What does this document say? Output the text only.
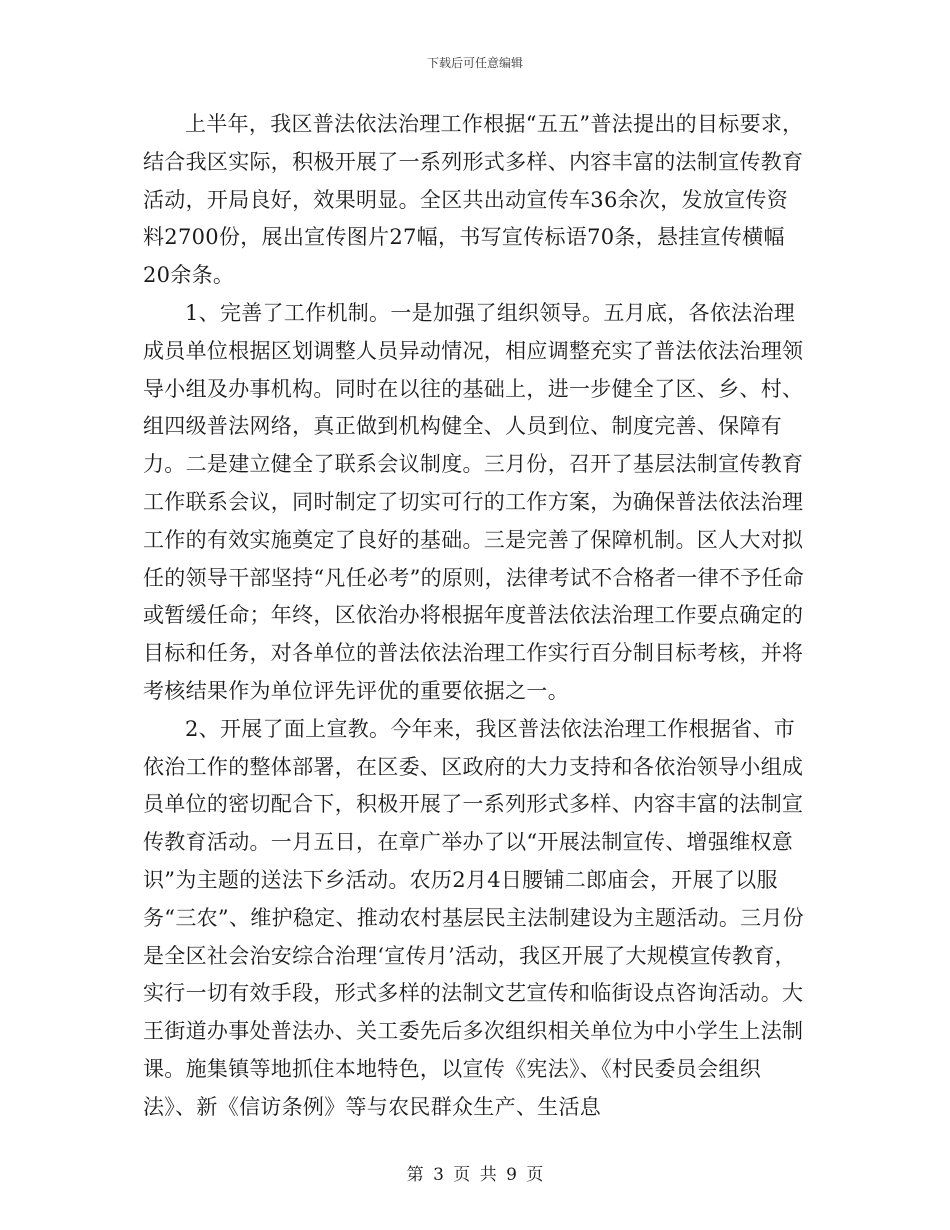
下载后可任意编辑

上半年，我区普法依法治理工作根据“五五”普法提出的目标要求，结合我区实际，积极开展了一系列形式多样、内容丰富的法制宣传教育活动，开局良好，效果明显。全区共出动宣传车36余次，发放宣传资料2700份，展出宣传图片27幅，书写宣传标语70条，悬挂宣传横幅20余条。

1、完善了工作机制。一是加强了组织领导。五月底，各依法治理成员单位根据区划调整人员异动情况，相应调整充实了普法依法治理领导小组及办事机构。同时在以往的基础上，进一步健全了区、乡、村、组四级普法网络，真正做到机构健全、人员到位、制度完善、保障有力。二是建立健全了联系会议制度。三月份，召开了基层法制宣传教育工作联系会议，同时制定了切实可行的工作方案，为确保普法依法治理工作的有效实施奠定了良好的基础。三是完善了保障机制。区人大对拟任的领导干部坚持“凡任必考”的原则，法律考试不合格者一律不予任命或暂缓任命；年终，区依治办将根据年度普法依法治理工作要点确定的目标和任务，对各单位的普法依法治理工作实行百分制目标考核，并将考核结果作为单位评先评优的重要依据之一。

2、开展了面上宣教。今年来，我区普法依法治理工作根据省、市依治工作的整体部署，在区委、区政府的大力支持和各依治领导小组成员单位的密切配合下，积极开展了一系列形式多样、内容丰富的法制宣传教育活动。一月五日，在章广举办了以“开展法制宣传、增强维权意识”为主题的送法下乡活动。农历2月4日腰铺二郎庙会，开展了以服务“三农”、维护稳定、推动农村基层民主法制建设为主题活动。三月份是全区社会治安综合治理‘宣传月’活动，我区开展了大规模宣传教育，实行一切有效手段，形式多样的法制文艺宣传和临街设点咨询活动。大王街道办事处普法办、关工委先后多次组织相关单位为中小学生上法制课。施集镇等地抓住本地特色，以宣传《宪法》、《村民委员会组织法》、新《信访条例》等与农民群众生产、生活息

第 3 页 共 9 页
